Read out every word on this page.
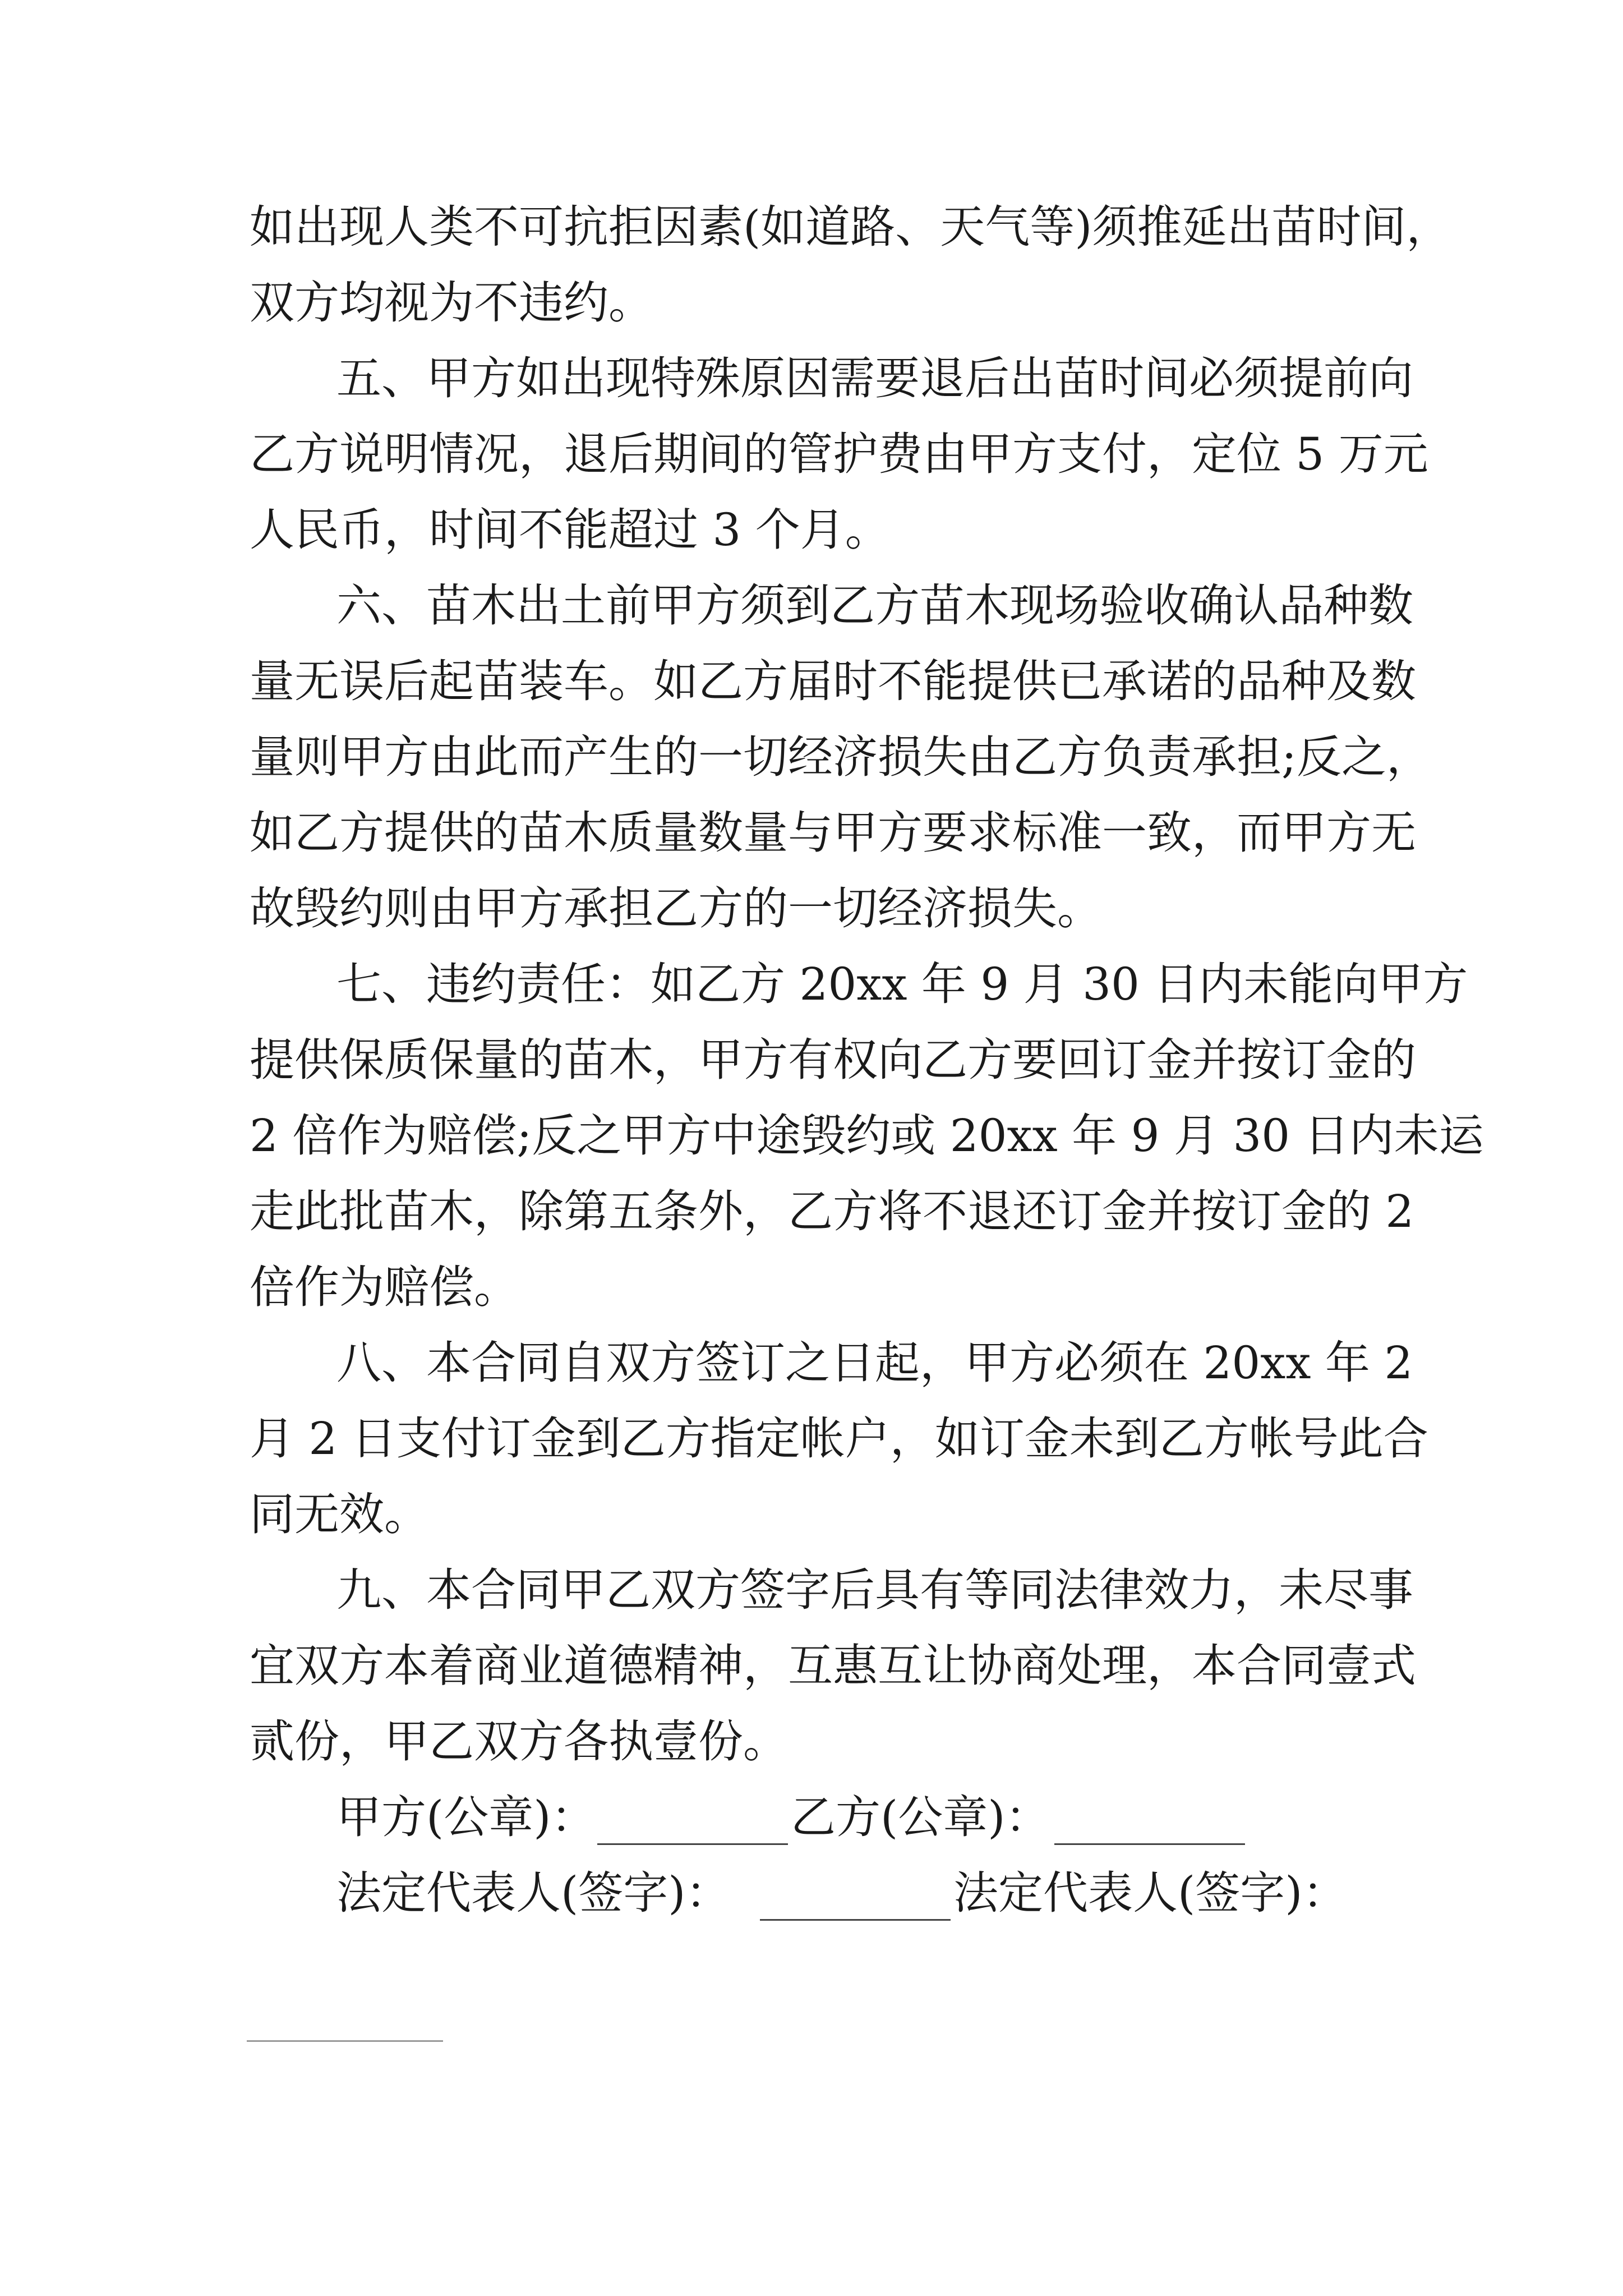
如出现人类不可抗拒因素(如道路、天气等)须推延出苗时间，
双方均视为不违约。
五、甲方如出现特殊原因需要退后出苗时间必须提前向
乙方说明情况，退后期间的管护费由甲方支付，定位 5 万元
人民币，时间不能超过 3 个月。
六、苗木出土前甲方须到乙方苗木现场验收确认品种数
量无误后起苗装车。如乙方届时不能提供已承诺的品种及数
量则甲方由此而产生的一切经济损失由乙方负责承担;反之，
如乙方提供的苗木质量数量与甲方要求标准一致，而甲方无
故毁约则由甲方承担乙方的一切经济损失。
七、违约责任：如乙方 20xx 年 9 月 30 日内未能向甲方
提供保质保量的苗木，甲方有权向乙方要回订金并按订金的
2 倍作为赔偿;反之甲方中途毁约或 20xx 年 9 月 30 日内未运
走此批苗木，除第五条外，乙方将不退还订金并按订金的 2
倍作为赔偿。
八、本合同自双方签订之日起，甲方必须在 20xx 年 2
月 2 日支付订金到乙方指定帐户，如订金未到乙方帐号此合
同无效。
九、本合同甲乙双方签字后具有等同法律效力，未尽事
宜双方本着商业道德精神，互惠互让协商处理，本合同壹式
贰份，甲乙双方各执壹份。
甲方(公章)：	乙方(公章)：
法定代表人(签字)：	法定代表人(签字)：
